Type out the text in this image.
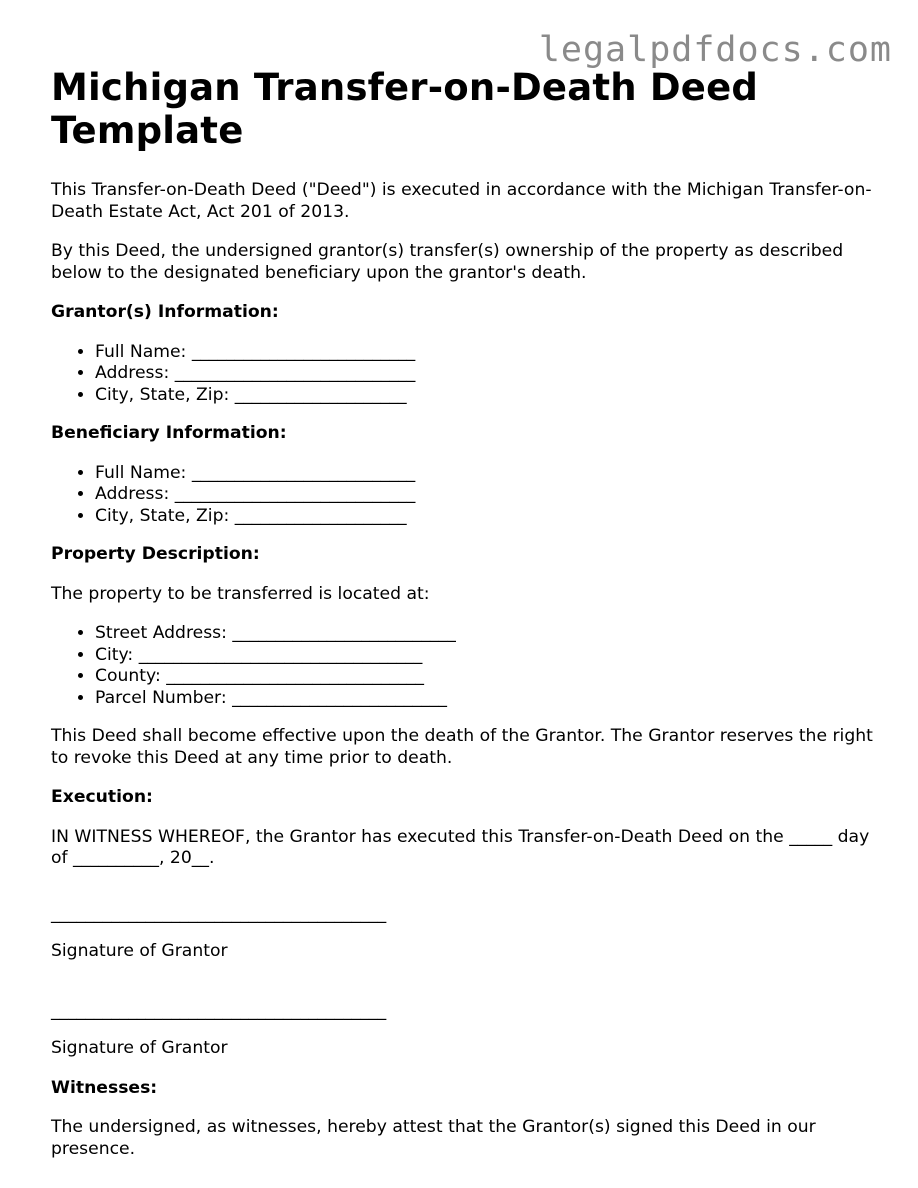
legalpdfdocs.com
Michigan Transfer-on-Death Deed Template

This Transfer-on-Death Deed ("Deed") is executed in accordance with the Michigan Transfer-on-Death Estate Act, Act 201 of 2013.

By this Deed, the undersigned grantor(s) transfer(s) ownership of the property as described below to the designated beneficiary upon the grantor's death.

Grantor(s) Information:
• Full Name: __________________________
• Address: ____________________________
• City, State, Zip: ____________________
Beneficiary Information:
• Full Name: __________________________
• Address: ____________________________
• City, State, Zip: ____________________
Property Description:

The property to be transferred is located at:

• Street Address: __________________________
• City: _________________________________
• County: ______________________________
• Parcel Number: _________________________

This Deed shall become effective upon the death of the Grantor. The Grantor reserves the right to revoke this Deed at any time prior to death.

Execution:

IN WITNESS WHEREOF, the Grantor has executed this Transfer-on-Death Deed on the _____ day of __________, 20__.

_______________________________________
Signature of Grantor
_______________________________________
Signature of Grantor
Witnesses:

The undersigned, as witnesses, hereby attest that the Grantor(s) signed this Deed in our presence.
